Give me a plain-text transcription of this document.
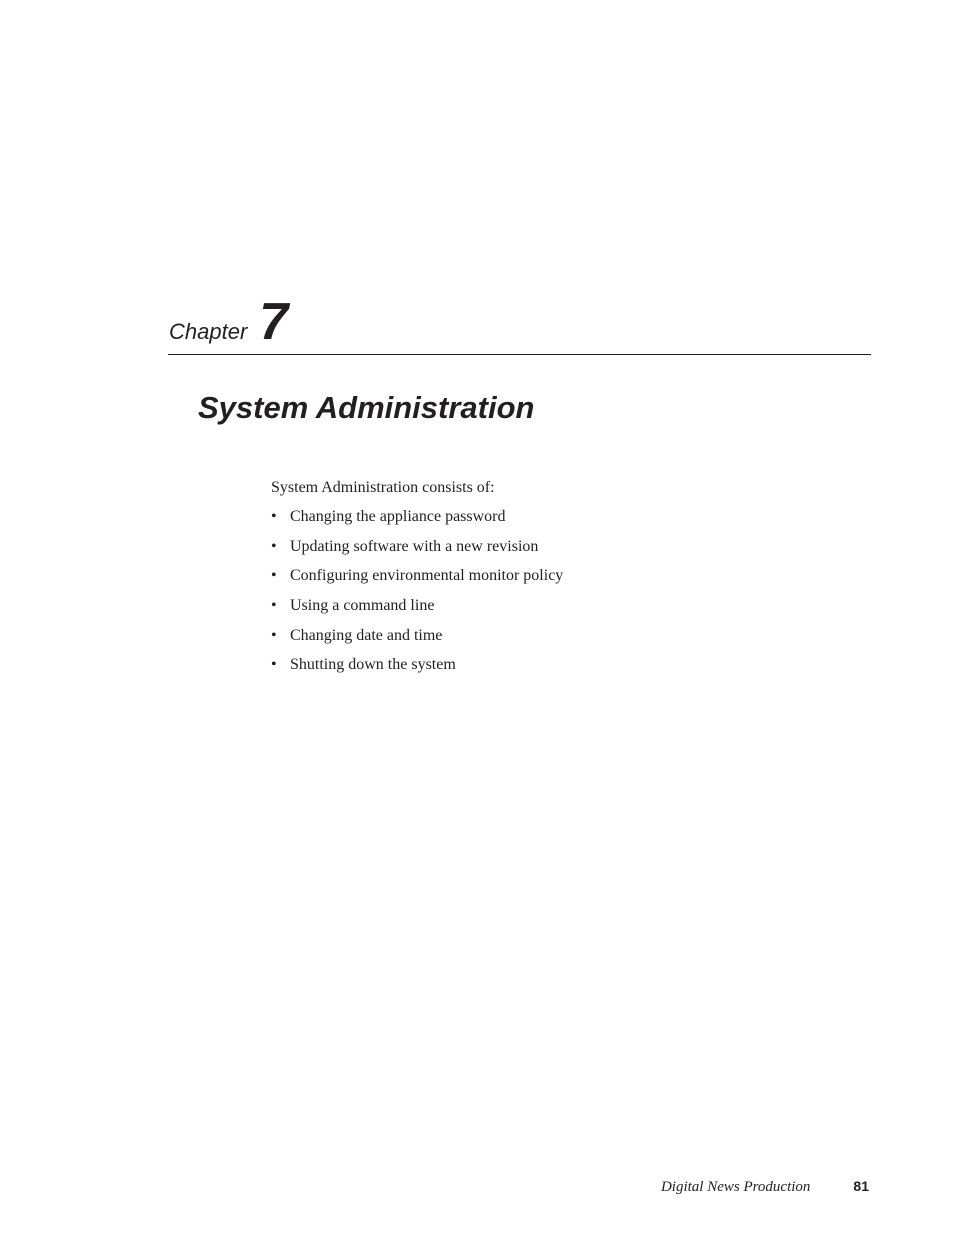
Chapter 7
System Administration

System Administration consists of:

• Changing the appliance password
• Updating software with a new revision
• Configuring environmental monitor policy
• Using a command line
• Changing date and time
• Shutting down the system
Digital News Production	81
